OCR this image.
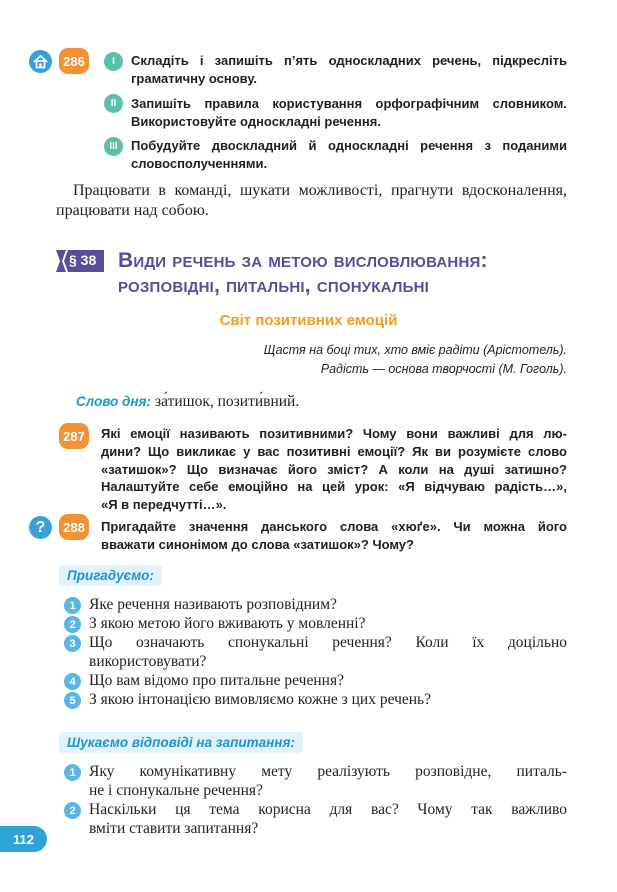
286	I	Складіть і запишіть п’ять односкладних речень, підкресліть граматичну основу.
II	Запишіть правила користування орфографічним словником. Використовуйте односкладні речення.
III	Побудуйте двоскладний й односкладні речення з поданими словосполученнями.
Працювати в команді, шукати можливості, прагнути вдосконалення, працювати над собою.
§ 38 Види речень за метою висловлювання:
розповідні, питальні, спонукальні
Світ позитивних емоцій
Щастя на боці тих, хто вміє радіти (Арістотель).
Радість — основа творчості (М. Гоголь).
Слово дня: за́тишок, позити́вний.
287	Які емоції називають позитивними? Чому вони важливі для лю-
дини? Що викликає у вас позитивні емоції? Як ви розумієте слово
«затишок»? Що визначає його зміст? А коли на душі затишно?
Налаштуйте себе емоційно на цей урок: «Я відчуваю радість…»,
«Я в передчутті…».
?	288	Пригадайте значення данського слова «хюґе». Чи можна його
вважати синонімом до слова «затишок»? Чому?
Пригадуємо:
1 Яке речення називають розповідним?
2 З якою метою його вживають у мовленні?
3 Що означають спонукальні речення? Коли їх доцільно
використовувати?
4 Що вам відомо про питальне речення?
5 З якою інтонацією вимовляємо кожне з цих речень?
Шукаємо відповіді на запитання:
1 Яку комунікативну мету реалізують розповідне, питаль-
не і спонукальне речення?
2 Наскільки ця тема корисна для вас? Чому так важливо
вміти ставити запитання?
112
